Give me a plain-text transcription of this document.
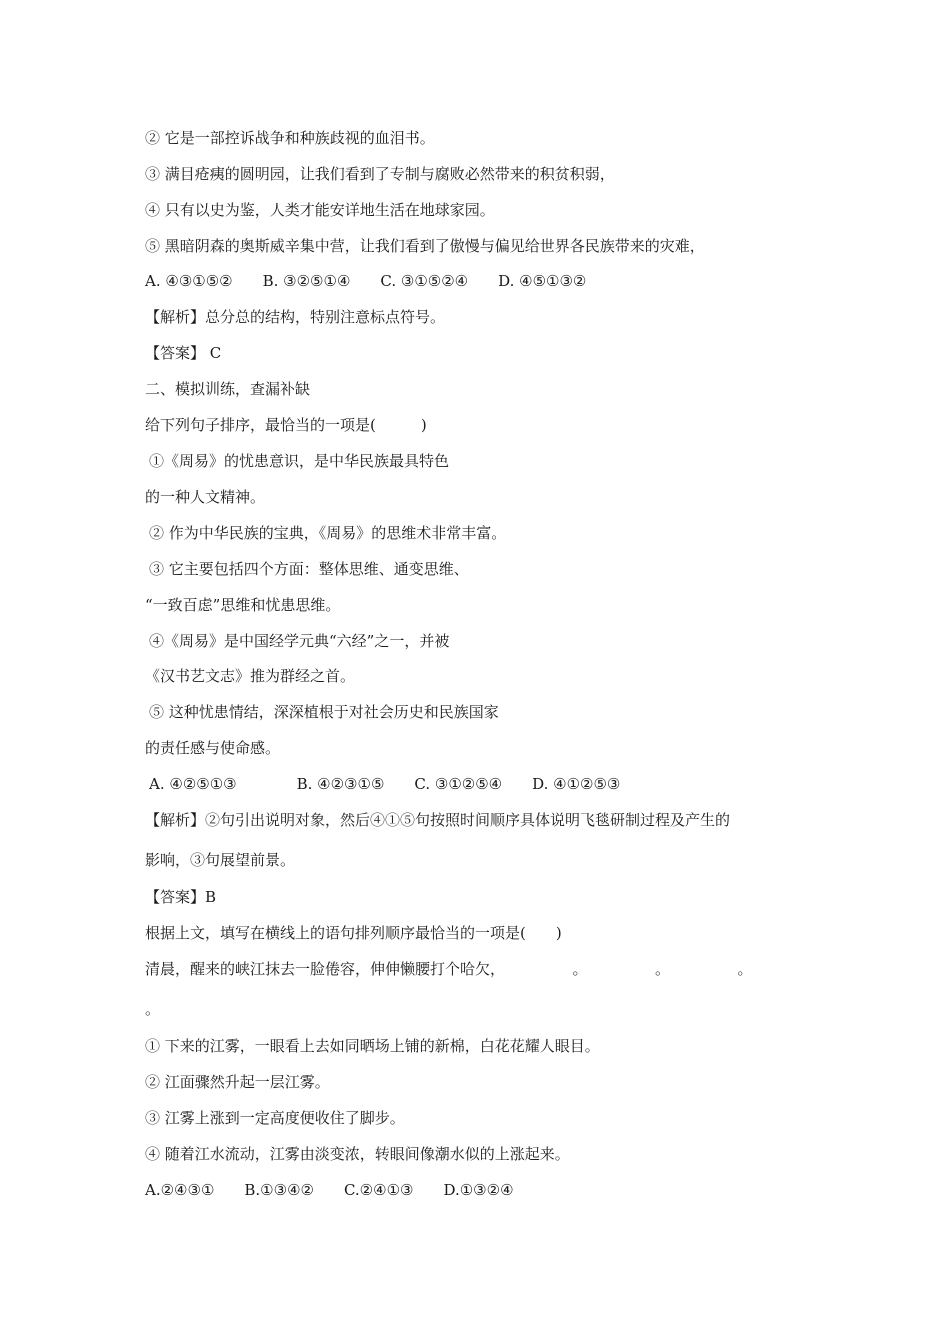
② 它是一部控诉战争和种族歧视的血泪书。
③ 满目疮痍的圆明园，让我们看到了专制与腐败必然带来的积贫积弱，
④ 只有以史为鉴，人类才能安详地生活在地球家园。
⑤ 黑暗阴森的奥斯威辛集中营，让我们看到了傲慢与偏见给世界各民族带来的灾难，
A. ④③①⑤②　　B. ③②⑤①④　　C. ③①⑤②④　　D. ④⑤①③②
【解析】总分总的结构，特别注意标点符号。
【答案】 C
二、模拟训练，查漏补缺
给下列句子排序，最恰当的一项是(　　　)
①《周易》的忧患意识，是中华民族最具特色
的一种人文精神。
② 作为中华民族的宝典，《周易》的思维术非常丰富。
③ 它主要包括四个方面：整体思维、通变思维、
“一致百虑”思维和忧患思维。
④《周易》是中国经学元典“六经”之一，并被
《汉书艺文志》推为群经之首。
⑤ 这种忧患情结，深深植根于对社会历史和民族国家
的责任感与使命感。
A. ④②⑤①③　　　　B. ④②③①⑤　　C. ③①②⑤④　　D. ④①②⑤③
【解析】②句引出说明对象，然后④①⑤句按照时间顺序具体说明飞毯研制过程及产生的
影响，③句展望前景。
【答案】B
根据上文，填写在横线上的语句排列顺序最恰当的一项是(　　)
清晨，醒来的峡江抹去一脸倦容，伸伸懒腰打个哈欠，　　　　　。　　　　　。　　　　　。
。
① 下来的江雾，一眼看上去如同晒场上铺的新棉，白花花耀人眼目。
② 江面骤然升起一层江雾。
③ 江雾上涨到一定高度便收住了脚步。
④ 随着江水流动，江雾由淡变浓，转眼间像潮水似的上涨起来。
A.②④③①　　B.①③④②　　C.②④①③　　D.①③②④
